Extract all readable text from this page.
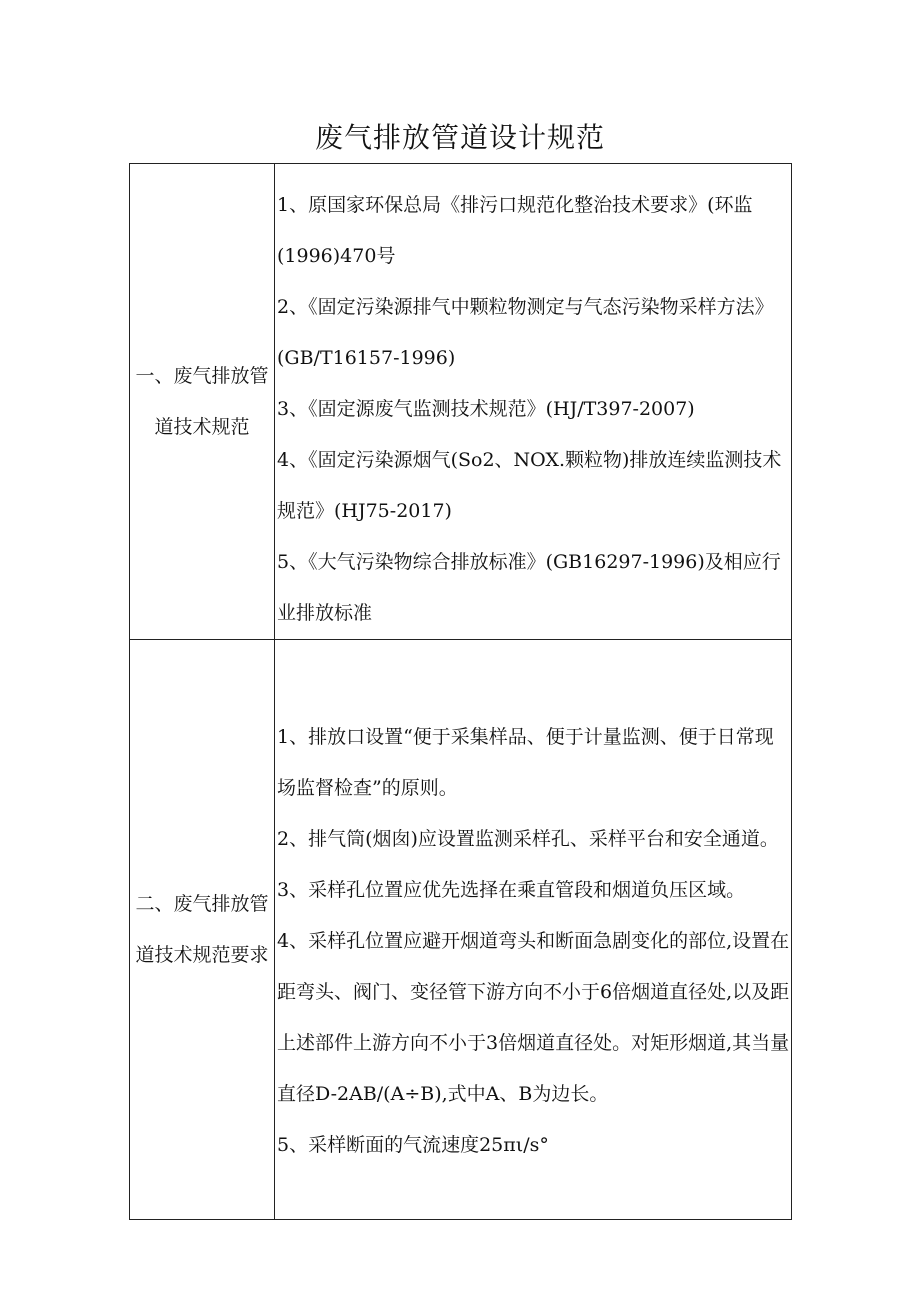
废气排放管道设计规范
一、废气排放管道技术规范	1、原国家环保总局《排污口规范化整治技术要求》(环监(1996)470号
2、《固定污染源排气中颗粒物测定与气态污染物采样方法》(GB/T16157-1996)
3、《固定源废气监测技术规范》(HJ/T397-2007)
4、《固定污染源烟气(So2、NOX.颗粒物)排放连续监测技术规范》(HJ75-2017)
5、《大气污染物综合排放标准》(GB16297-1996)及相应行业排放标准

二、废气排放管道技术规范要求	1、排放口设置“便于采集样品、便于计量监测、便于日常现场监督检查”的原则。
2、排气筒(烟囱)应设置监测采样孔、采样平台和安全通道。
3、采样孔位置应优先选择在乘直管段和烟道负压区域。
4、采样孔位置应避开烟道弯头和断面急剧变化的部位,设置在距弯头、阀门、变径管下游方向不小于6倍烟道直径处,以及距上述部件上游方向不小于3倍烟道直径处。对矩形烟道,其当量直径D-2AB/(A÷B),式中A、B为边长。
5、采样断面的气流速度25πι/s°
